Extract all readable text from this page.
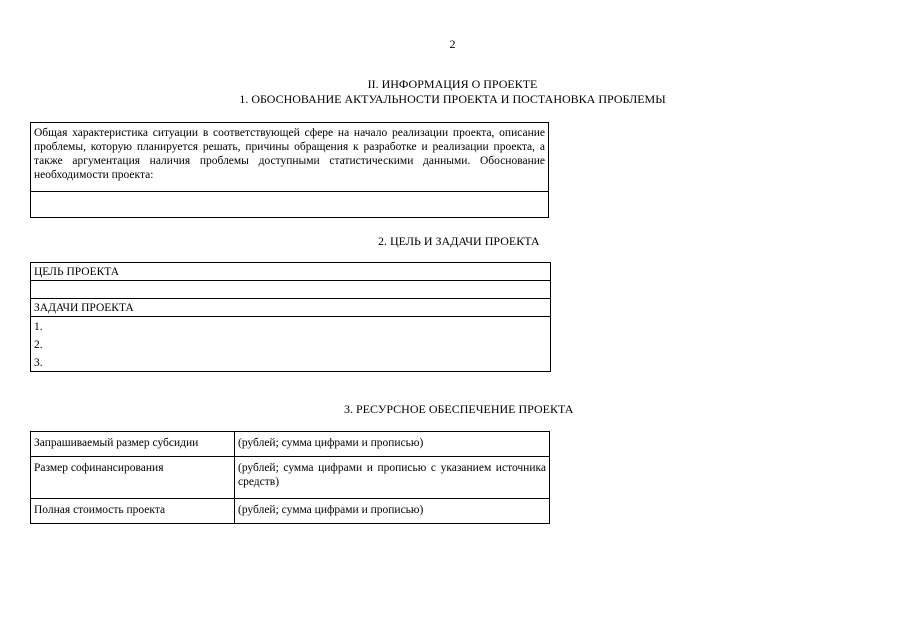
2
II. ИНФОРМАЦИЯ О ПРОЕКТЕ
1. ОБОСНОВАНИЕ АКТУАЛЬНОСТИ ПРОЕКТА И ПОСТАНОВКА ПРОБЛЕМЫ
Общая характеристика ситуации в соответствующей сфере на начало реализации проекта, описание проблемы, которую планируется решать, причины обращения к разработке и реализации проекта, а также аргументация наличия проблемы доступными статистическими данными. Обоснование необходимости проекта:
2. ЦЕЛЬ И ЗАДАЧИ ПРОЕКТА
ЦЕЛЬ ПРОЕКТА
ЗАДАЧИ ПРОЕКТА
1.
2.
3.
3. РЕСУРСНОЕ ОБЕСПЕЧЕНИЕ ПРОЕКТА
Запрашиваемый размер субсидии	(рублей; сумма цифрами и прописью)
Размер софинансирования	(рублей; сумма цифрами и прописью с указанием источника средств)
Полная стоимость проекта	(рублей; сумма цифрами и прописью)
